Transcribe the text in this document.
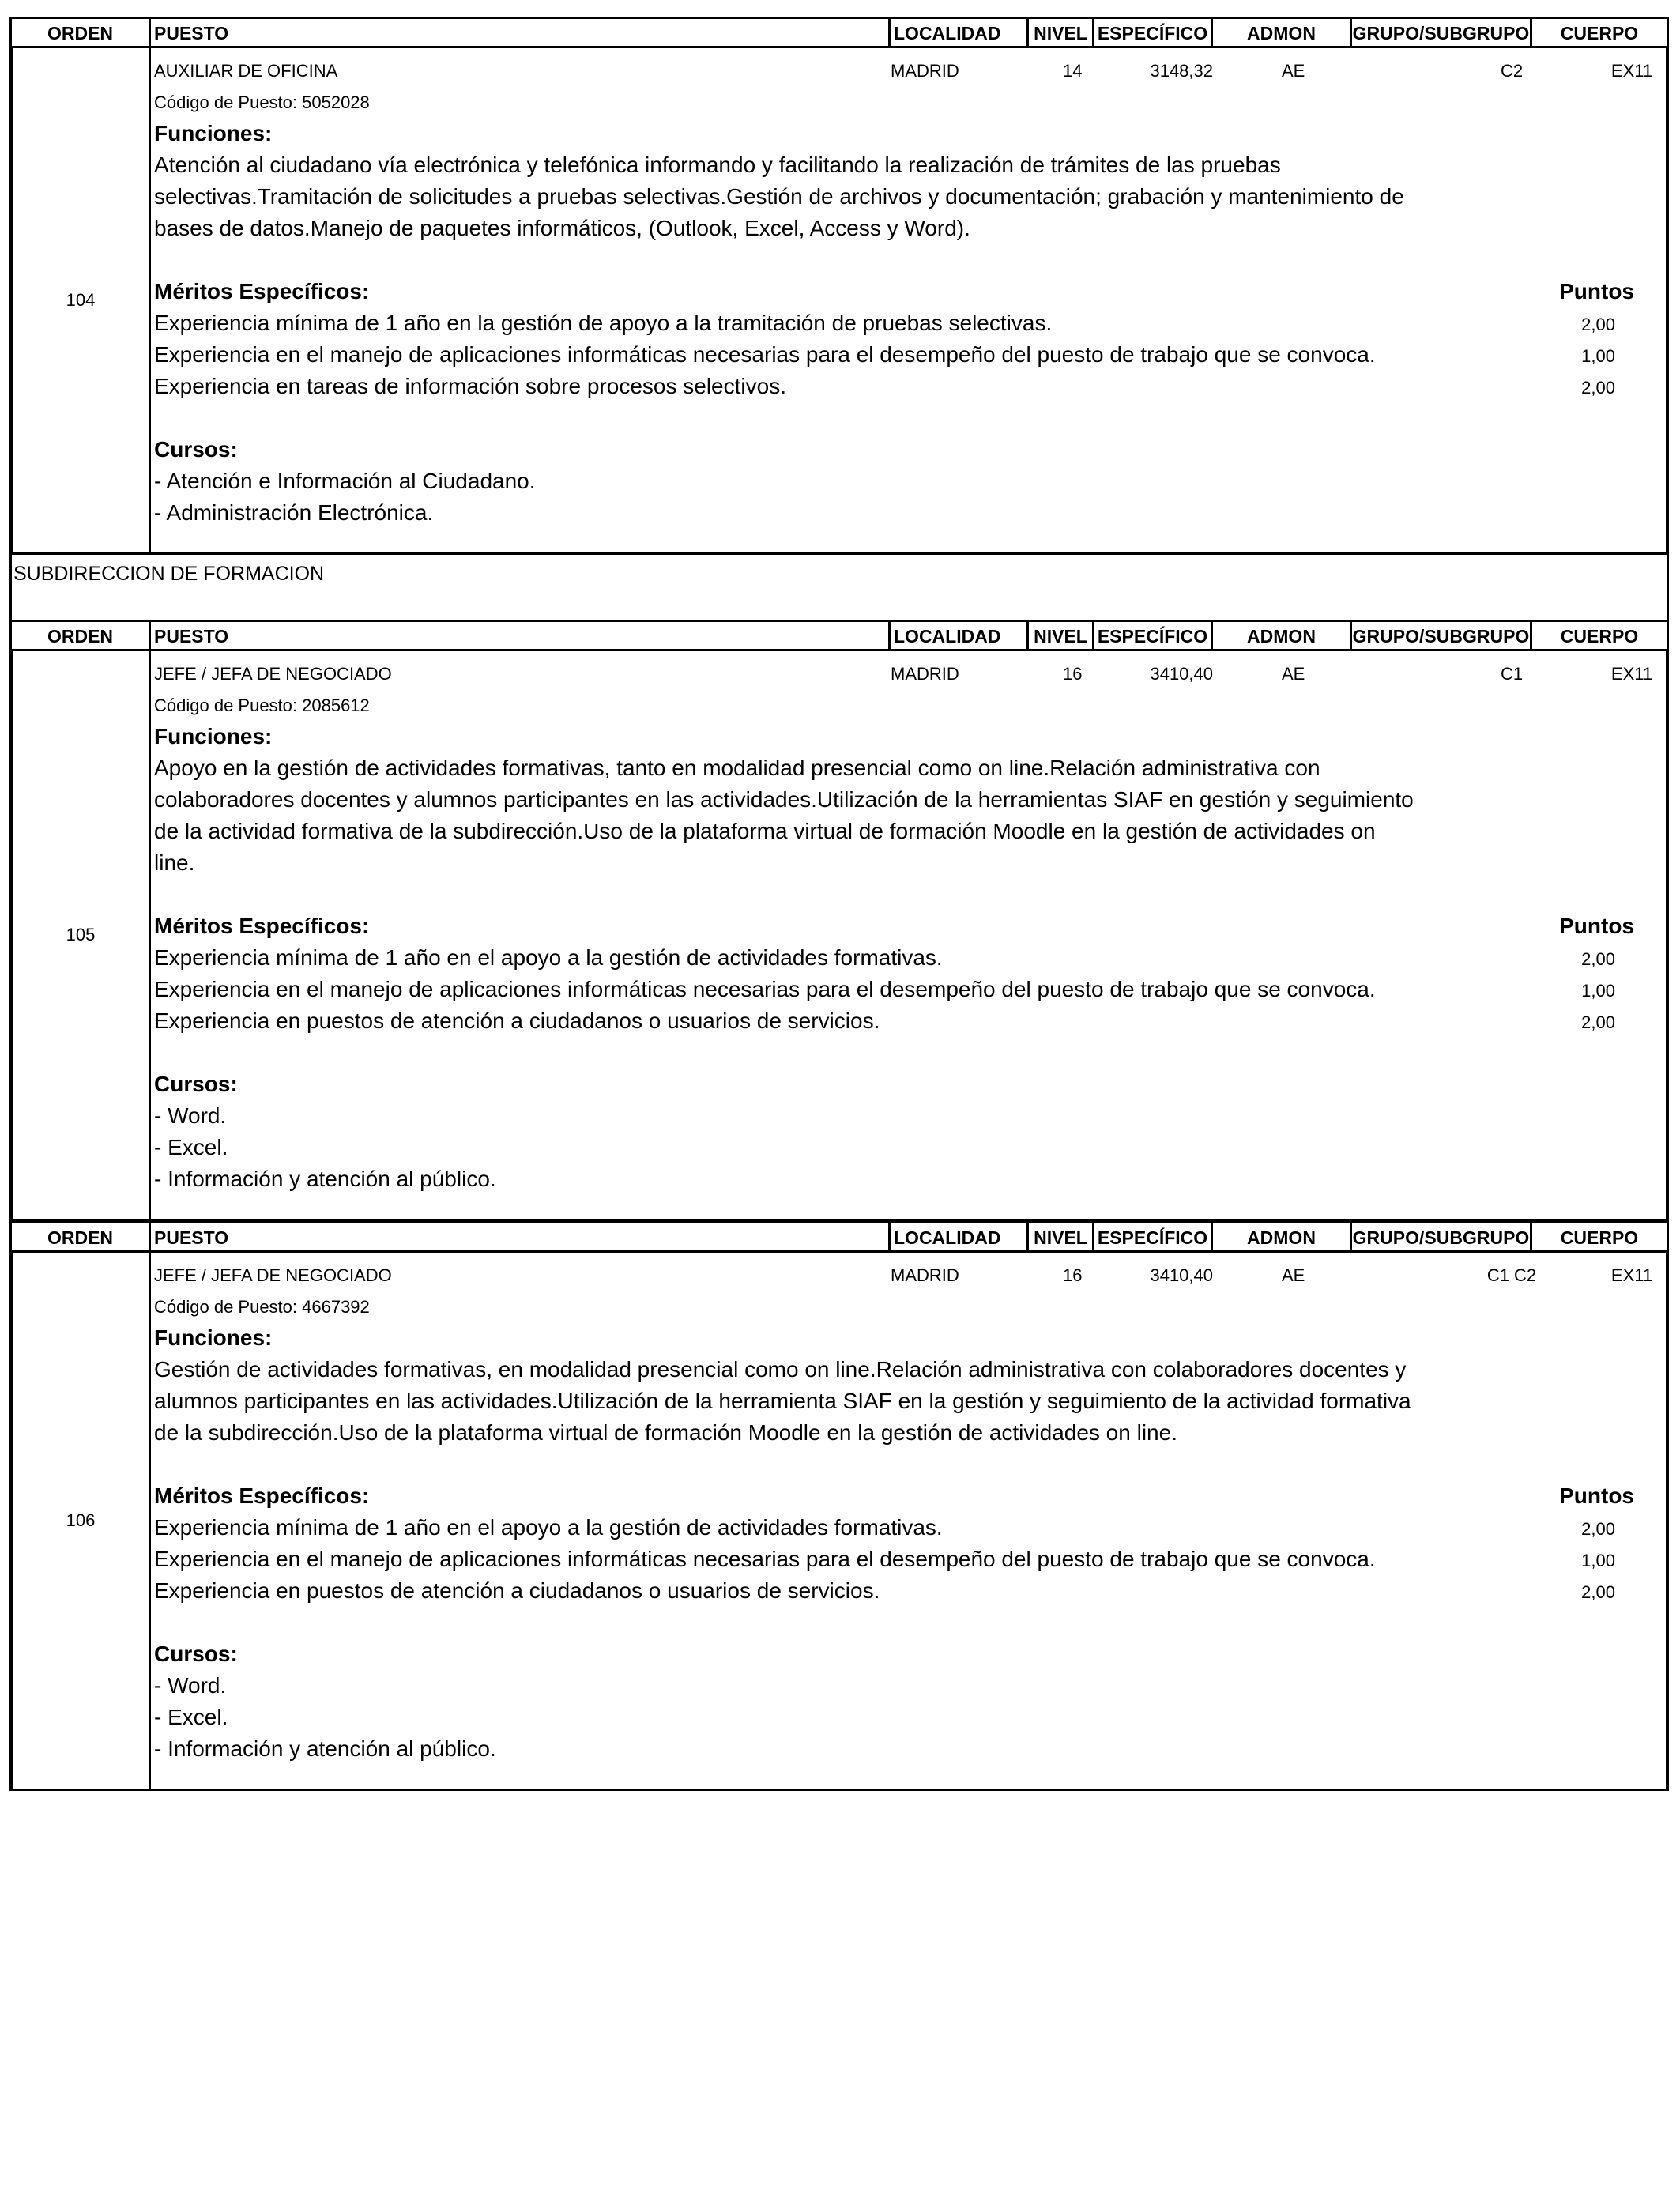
ORDEN	PUESTO	LOCALIDAD	NIVEL ESPECÍFICO	ADMON	GRUPO/SUBGRUPO	CUERPO
104
AUXILIAR DE OFICINA	MADRID	14	3148,32	AE	C2	EX11
Código de Puesto: 5052028
Funciones:
Atención al ciudadano vía electrónica y telefónica informando y facilitando la realización de trámites de las pruebas selectivas.Tramitación de solicitudes a pruebas selectivas.Gestión de archivos y documentación; grabación y mantenimiento de bases de datos.Manejo de paquetes informáticos, (Outlook, Excel, Access y Word).
Méritos Específicos:	Puntos
Experiencia mínima de 1 año en la gestión de apoyo a la tramitación de pruebas selectivas.	2,00
Experiencia en el manejo de aplicaciones informáticas necesarias para el desempeño del puesto de trabajo que se convoca.	1,00
Experiencia en tareas de información sobre procesos selectivos.	2,00
Cursos:
- Atención e Información al Ciudadano.
- Administración Electrónica.
SUBDIRECCION DE FORMACION
ORDEN	PUESTO	LOCALIDAD	NIVEL ESPECÍFICO	ADMON	GRUPO/SUBGRUPO	CUERPO
105
JEFE / JEFA DE NEGOCIADO	MADRID	16	3410,40	AE	C1	EX11
Código de Puesto: 2085612
Funciones:
Apoyo en la gestión de actividades formativas, tanto en modalidad presencial como on line.Relación administrativa con colaboradores docentes y alumnos participantes en las actividades.Utilización de la herramientas SIAF en gestión y seguimiento de la actividad formativa de la subdirección.Uso de la plataforma virtual de formación Moodle en la gestión de actividades on line.
Méritos Específicos:	Puntos
Experiencia mínima de 1 año en el apoyo a la gestión de actividades formativas.	2,00
Experiencia en el manejo de aplicaciones informáticas necesarias para el desempeño del puesto de trabajo que se convoca.	1,00
Experiencia en puestos de atención a ciudadanos o usuarios de servicios.	2,00
Cursos:
- Word.
- Excel.
- Información y atención al público.
ORDEN	PUESTO	LOCALIDAD	NIVEL ESPECÍFICO	ADMON	GRUPO/SUBGRUPO	CUERPO
106
JEFE / JEFA DE NEGOCIADO	MADRID	16	3410,40	AE	C1 C2	EX11
Código de Puesto: 4667392
Funciones:
Gestión de actividades formativas, en modalidad presencial como on line.Relación administrativa con colaboradores docentes y alumnos participantes en las actividades.Utilización de la herramienta SIAF en la gestión y seguimiento de la actividad formativa de la subdirección.Uso de la plataforma virtual de formación Moodle en la gestión de actividades on line.
Méritos Específicos:	Puntos
Experiencia mínima de 1 año en el apoyo a la gestión de actividades formativas.	2,00
Experiencia en el manejo de aplicaciones informáticas necesarias para el desempeño del puesto de trabajo que se convoca.	1,00
Experiencia en puestos de atención a ciudadanos o usuarios de servicios.	2,00
Cursos:
- Word.
- Excel.
- Información y atención al público.
